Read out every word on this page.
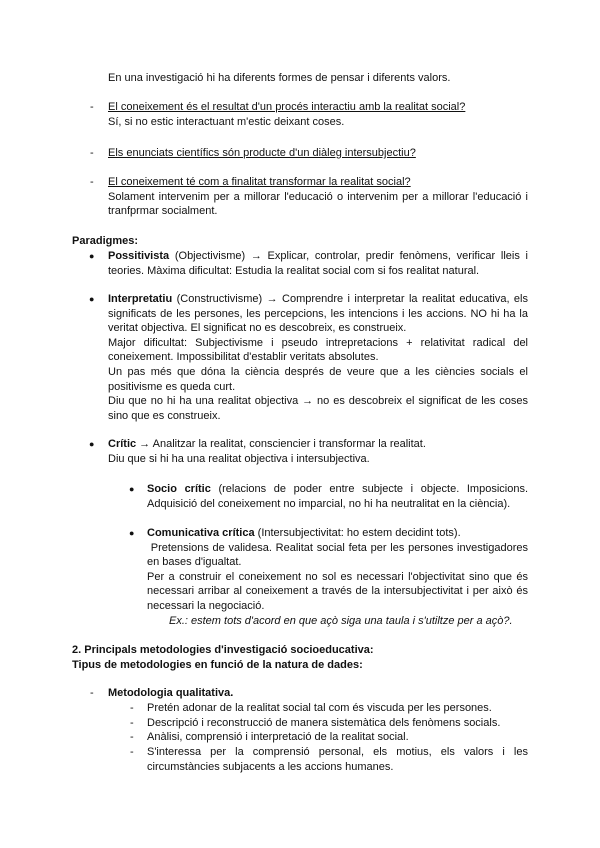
En una investigació hi ha diferents formes de pensar i diferents valors.
- El coneixement és el resultat d'un procés interactiu amb la realitat social?

Sí, si no estic interactuant m'estic deixant coses.

- Els enunciats científics són producte d'un diàleg intersubjectiu?

- El coneixement té com a finalitat transformar la realitat social?

Solament intervenim per a millorar l'educació o intervenim per a millorar l'educació i tranfprmar socialment.

Paradigmes:
● Possitivista (Objectivisme) → Explicar, controlar, predir fenòmens, verificar lleis i teories. Màxima dificultat: Estudia la realitat social com si fos realitat natural.

● Interpretatiu (Constructivisme) → Comprendre i interpretar la realitat educativa, els significats de les persones, les percepcions, les intencions i les accions. NO hi ha la veritat objectiva. El significat no es descobreix, es construeix.

Major dificultat: Subjectivisme i pseudo intrepretacions + relativitat radical del coneixement. Impossibilitat d'establir veritats absolutes.

Un pas més que dóna la ciència després de veure que a les ciències socials el positivisme es queda curt.

Diu que no hi ha una realitat objectiva → no es descobreix el significat de les coses sino que es construeix.

● Crític → Analitzar la realitat, consciencier i transformar la realitat.

Diu que si hi ha una realitat objectiva i intersubjectiva.

● Socio crític (relacions de poder entre subjecte i objecte. Imposicions. Adquisició del coneixement no imparcial, no hi ha neutralitat en la ciència).

● Comunicativa crítica (Intersubjectivitat: ho estem decidint tots).

Pretensions de validesa. Realitat social feta per les persones investigadores en bases d'igualtat.

Per a construir el coneixement no sol es necessari l'objectivitat sino que és necessari arribar al coneixement a través de la intersubjectivitat i per això és necessari la negociació.

Ex.: estem tots d'acord en que açò siga una taula i s'utiltze per a açò?.

2. Principals metodologies d'investigació socioeducativa:

Tipus de metodologies en funció de la natura de dades:

- Metodologia qualitativa.
- Pretén adonar de la realitat social tal com és viscuda per les persones.
- Descripció i reconstrucció de manera sistemàtica dels fenòmens socials.
- Anàlisi, comprensió i interpretació de la realitat social.
- S'interessa per la comprensió personal, els motius, els valors i les circumstàncies subjacents a les accions humanes.
